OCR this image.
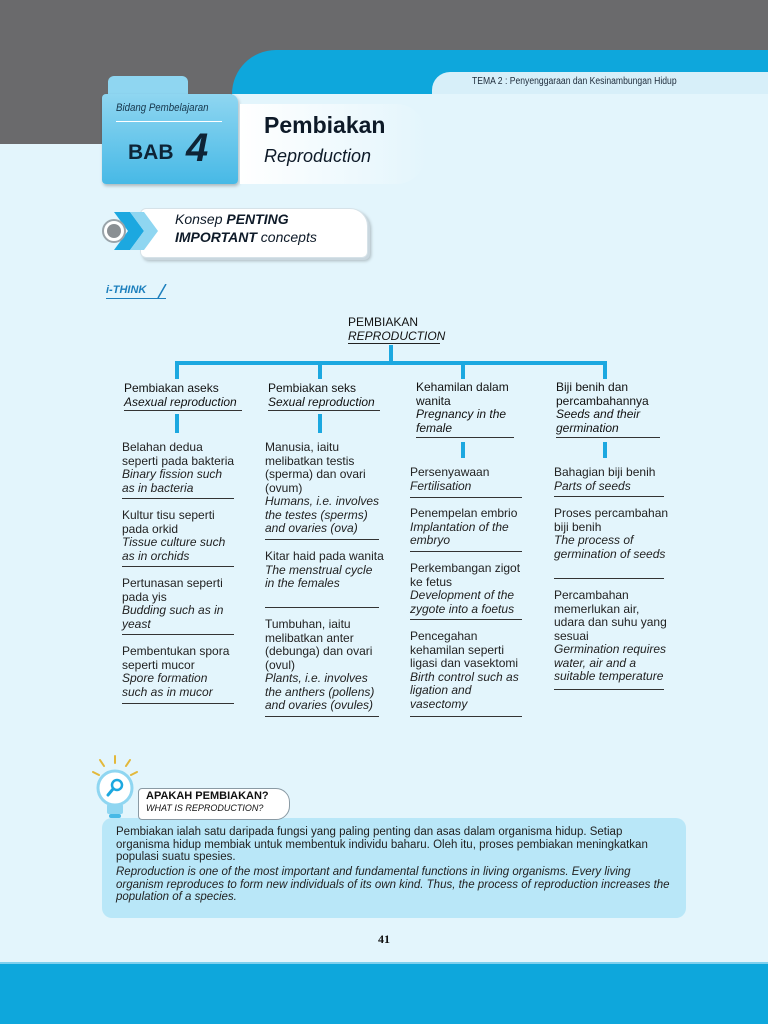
TEMA 2 : Penyenggaraan dan Kesinambungan Hidup
Bidang Pembelajaran
BAB 4
Pembiakan
Reproduction
Konsep PENTING
IMPORTANT concepts
i-THINK
PEMBIAKAN
REPRODUCTION
Pembiakan aseks
Asexual reproduction
Pembiakan seks
Sexual reproduction
Kehamilan dalam wanita
Pregnancy in the female
Biji benih dan percambahannya
Seeds and their germination
Belahan dedua seperti pada bakteria
Binary fission such as in bacteria
Kultur tisu seperti pada orkid
Tissue culture such as in orchids
Pertunasan seperti pada yis
Budding such as in yeast
Pembentukan spora seperti mucor
Spore formation such as in mucor
Manusia, iaitu melibatkan testis (sperma) dan ovari (ovum)
Humans, i.e. involves the testes (sperms) and ovaries (ova)
Kitar haid pada wanita
The menstrual cycle in the females
Tumbuhan, iaitu melibatkan anter (debunga) dan ovari (ovul)
Plants, i.e. involves the anthers (pollens) and ovaries (ovules)
Persenyawaan
Fertilisation
Penempelan embrio
Implantation of the embryo
Perkembangan zigot ke fetus
Development of the zygote into a foetus
Pencegahan kehamilan seperti ligasi dan vasektomi
Birth control such as ligation and vasectomy
Bahagian biji benih
Parts of seeds
Proses percambahan biji benih
The process of germination of seeds
Percambahan memerlukan air, udara dan suhu yang sesuai
Germination requires water, air and a suitable temperature
APAKAH PEMBIAKAN?
WHAT IS REPRODUCTION?
Pembiakan ialah satu daripada fungsi yang paling penting dan asas dalam organisma hidup. Setiap organisma hidup membiak untuk membentuk individu baharu. Oleh itu, proses pembiakan meningkatkan populasi suatu spesies.
Reproduction is one of the most important and fundamental functions in living organisms. Every living organism reproduces to form new individuals of its own kind. Thus, the process of reproduction increases the population of a species.
41
